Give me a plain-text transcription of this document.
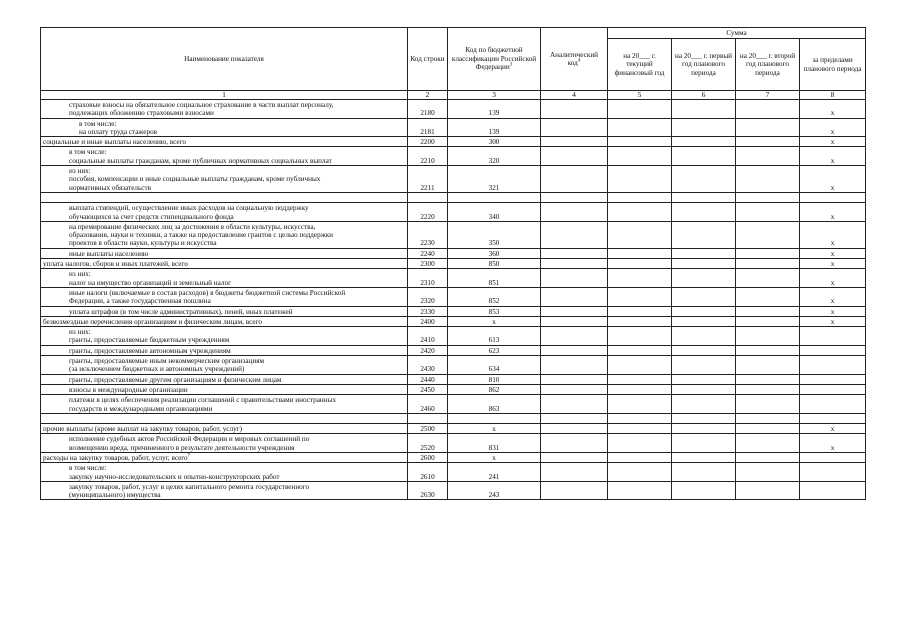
Наименование показателя	Код строки	Код по бюджетной классификации Российской Федерации$^3$	Аналитический код$^4$	Сумма			
				на 20___ г. текущий финансовый год	на 20___ г. первый год планового периода	на 20___ г. второй год планового периода	за пределами планового периода
1	2	3	4	5	6	7	8

страховые взносы на обязательное социальное страхование в части выплат персоналу,
подлежащих обложению страховыми взносами	2180	139					x

в том числе:
на оплату труда стажеров	2181	139					x

социальные и иные выплаты населению, всего	2200	300					x

в том числе:
социальные выплаты гражданам, кроме публичных нормативных социальных выплат	2210	320					x

из них:
пособия, компенсации и иные социальные выплаты гражданам, кроме публичных
нормативных обязательств	2211	321					x

выплата стипендий, осуществление иных расходов на социальную поддержку
обучающихся за счет средств стипендиального фонда	2220	340					x

на премирование физических лиц за достижения в области культуры, искусства,
образования, науки и техники, а также на предоставление грантов с целью поддержки
проектов в области науки, культуры и искусства	2230	350					x

иные выплаты населению	2240	360					x

уплата налогов, сборов и иных платежей, всего	2300	850					x

из них:
налог на имущество организаций и земельный налог	2310	851					x

иные налоги (включаемые в состав расходов) в бюджеты бюджетной системы Российской
Федерации, а также государственная пошлина	2320	852					x

уплата штрафов (в том числе административных), пеней, иных платежей	2330	853					x

безвозмездные перечисления организациям и физическим лицам, всего	2400	x					x

из них:
гранты, предоставляемые бюджетным учреждениям	2410	613					

гранты, предоставляемые автономным учреждениям	2420	623					

гранты, предоставляемые иным некоммерческим организациям
(за исключением бюджетных и автономных учреждений)	2430	634					

гранты, предоставляемые другим организациям и физическим лицам	2440	810					

взносы в международные организации	2450	862					

платежи в целях обеспечения реализации соглашений с правительствами иностранных
государств и международными организациями	2460	863					

прочие выплаты (кроме выплат на закупку товаров, работ, услуг)	2500	x					x

исполнение судебных актов Российской Федерации и мировых соглашений по
возмещению вреда, причиненного в результате деятельности учреждения	2520	831					x
расходы на закупку товаров, работ, услуг, всего$^7$	2600	x					

в том числе:
закупку научно-исследовательских и опытно-конструкторских работ	2610	241					

закупку товаров, работ, услуг в целях капитального ремонта государственного
(муниципального) имущества	2630	243					
